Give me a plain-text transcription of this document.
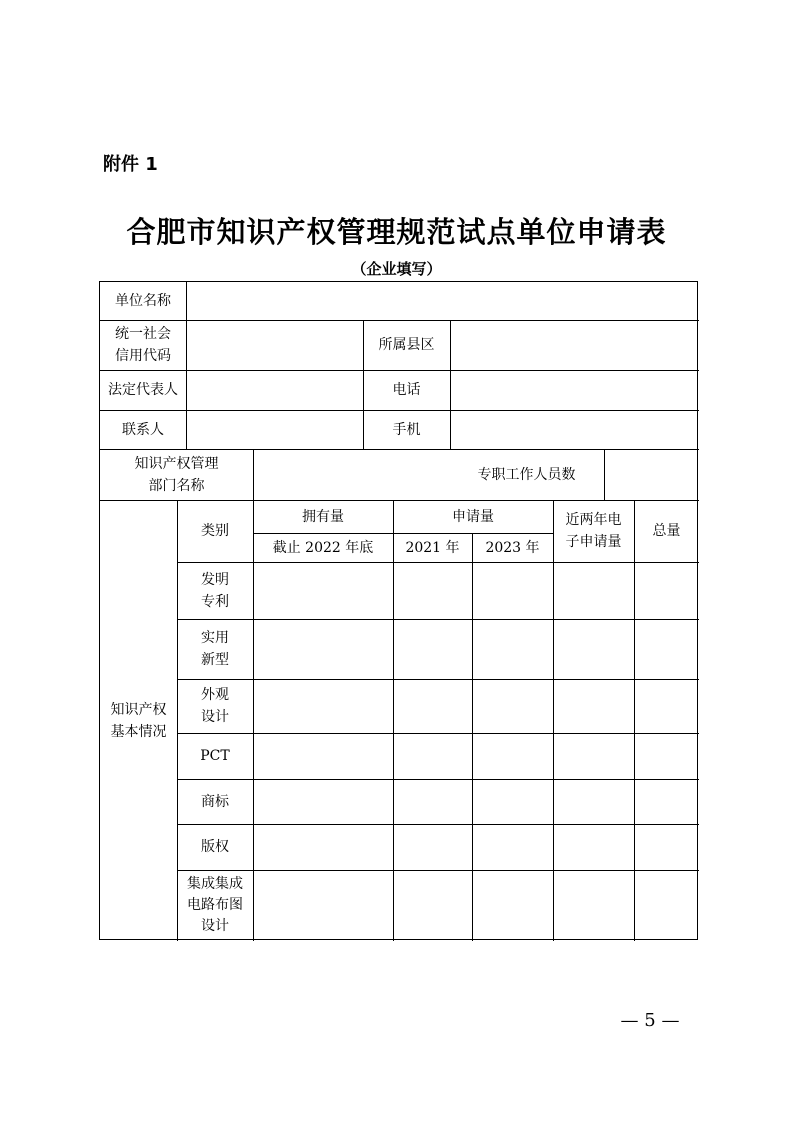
附件 1
合肥市知识产权管理规范试点单位申请表
（企业填写）
单位名称
统一社会
信用代码
所属县区
法定代表人	电话
联系人	手机
知识产权管理
部门名称
专职工作人员数
知识产权
基本情况
类别
拥有量
截止 2022 年底
申请量
2021 年 2023 年
近两年电
子申请量
总量
发明
专利
实用
新型
外观
设计
PCT
商标
版权
集成集成
电路布图
设计
— 5 —
